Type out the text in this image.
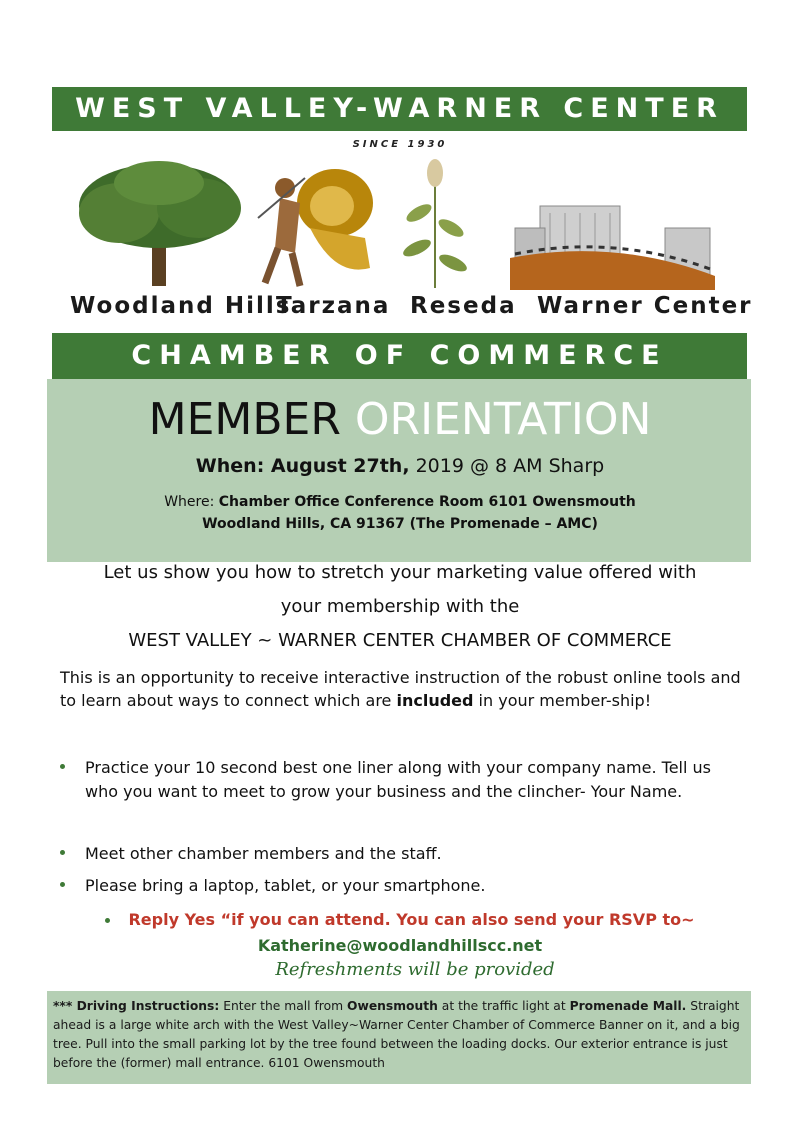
WEST VALLEY-WARNER CENTER
SINCE 1930
Woodland Hills
Tarzana Reseda Warner Center
CHAMBER OF COMMERCE
MEMBER ORIENTATION
When: August 27th, 2019 @ 8 AM Sharp
Where: Chamber Office Conference Room 6101 Owensmouth
Woodland Hills, CA 91367 (The Promenade – AMC)
Let us show you how to stretch your marketing value offered with
your membership with the
WEST VALLEY ~ WARNER CENTER CHAMBER OF COMMERCE
This is an opportunity to receive interactive instruction of the robust online tools and to learn about ways to connect which are included in your member-ship!
Practice your 10 second best one liner along with your company name. Tell us who you want to meet to grow your business and the clincher- Your Name.
Meet other chamber members and the staff.
Please bring a laptop, tablet, or your smartphone.
Reply Yes “if you can attend. You can also send your RSVP to~
Katherine@woodlandhillscc.net
Refreshments will be provided
*** Driving Instructions: Enter the mall from Owensmouth at the traffic light at Promenade Mall. Straight ahead is a large white arch with the West Valley~Warner Center Chamber of Commerce Banner on it, and a big tree. Pull into the small parking lot by the tree found between the loading docks. Our exterior entrance is just before the (former) mall entrance. 6101 Owensmouth
